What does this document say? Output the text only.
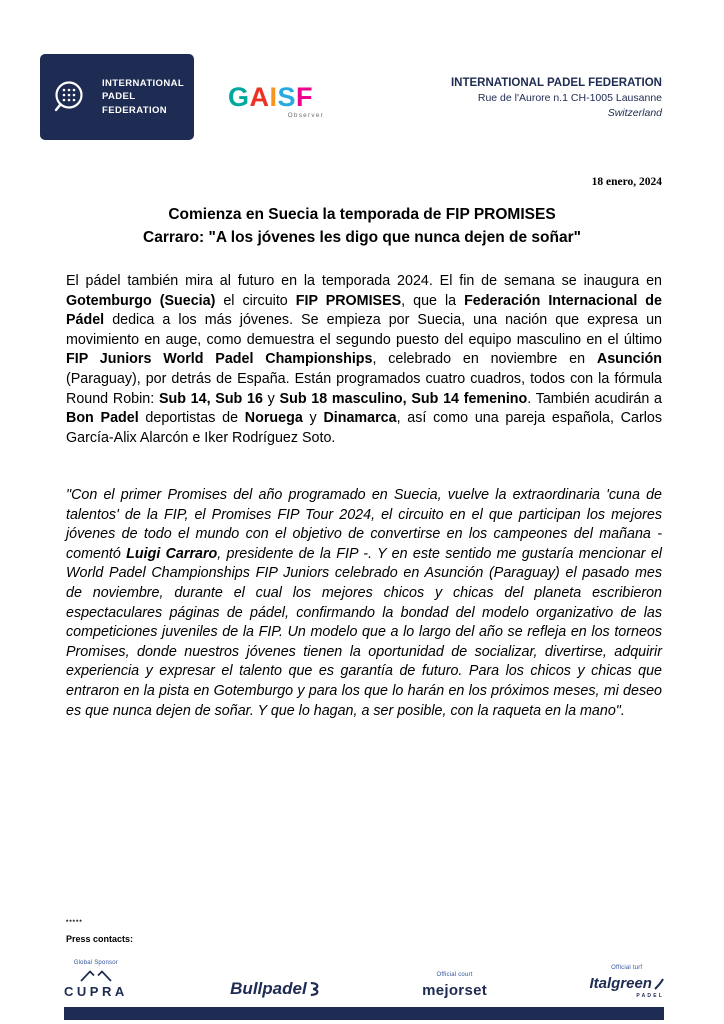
INTERNATIONAL
PADEL
FEDERATION	GAISF
Observer
INTERNATIONAL PADEL FEDERATION
Rue de l'Aurore n.1 CH-1005 Lausanne
Switzerland
18 enero, 2024
Comienza en Suecia la temporada de FIP PROMISES
Carraro: "A los jóvenes les digo que nunca dejen de soñar"

El pádel también mira al futuro en la temporada 2024. El fin de semana se inaugura en Gotemburgo (Suecia) el circuito FIP PROMISES, que la Federación Internacional de Pádel dedica a los más jóvenes. Se empieza por Suecia, una nación que expresa un movimiento en auge, como demuestra el segundo puesto del equipo masculino en el último FIP Juniors World Padel Championships, celebrado en noviembre en Asunción (Paraguay), por detrás de España. Están programados cuatro cuadros, todos con la fórmula Round Robin: Sub 14, Sub 16 y Sub 18 masculino, Sub 14 femenino. También acudirán a Bon Padel deportistas de Noruega y Dinamarca, así como una pareja española, Carlos García-Alix Alarcón e Iker Rodríguez Soto.

"Con el primer Promises del año programado en Suecia, vuelve la extraordinaria 'cuna de talentos' de la FIP, el Promises FIP Tour 2024, el circuito en el que participan los mejores jóvenes de todo el mundo con el objetivo de convertirse en los campeones del mañana - comentó Luigi Carraro, presidente de la FIP -. Y en este sentido me gustaría mencionar el World Padel Championships FIP Juniors celebrado en Asunción (Paraguay) el pasado mes de noviembre, durante el cual los mejores chicos y chicas del planeta escribieron espectaculares páginas de pádel, confirmando la bondad del modelo organizativo de las competiciones juveniles de la FIP. Un modelo que a lo largo del año se refleja en los torneos Promises, donde nuestros jóvenes tienen la oportunidad de socializar, divertirse, adquirir experiencia y expresar el talento que es garantía de futuro. Para los chicos y chicas que entraron en la pista en Gotemburgo y para los que lo harán en los próximos meses, mi deseo es que nunca dejen de soñar. Y que lo hagan, a ser posible, con la raqueta en la mano".

*****
Press contacts:
Global Sponsor
CUPRA	Bullpadel
Official court
mejorset
Official turf
Italgreen
PADEL
